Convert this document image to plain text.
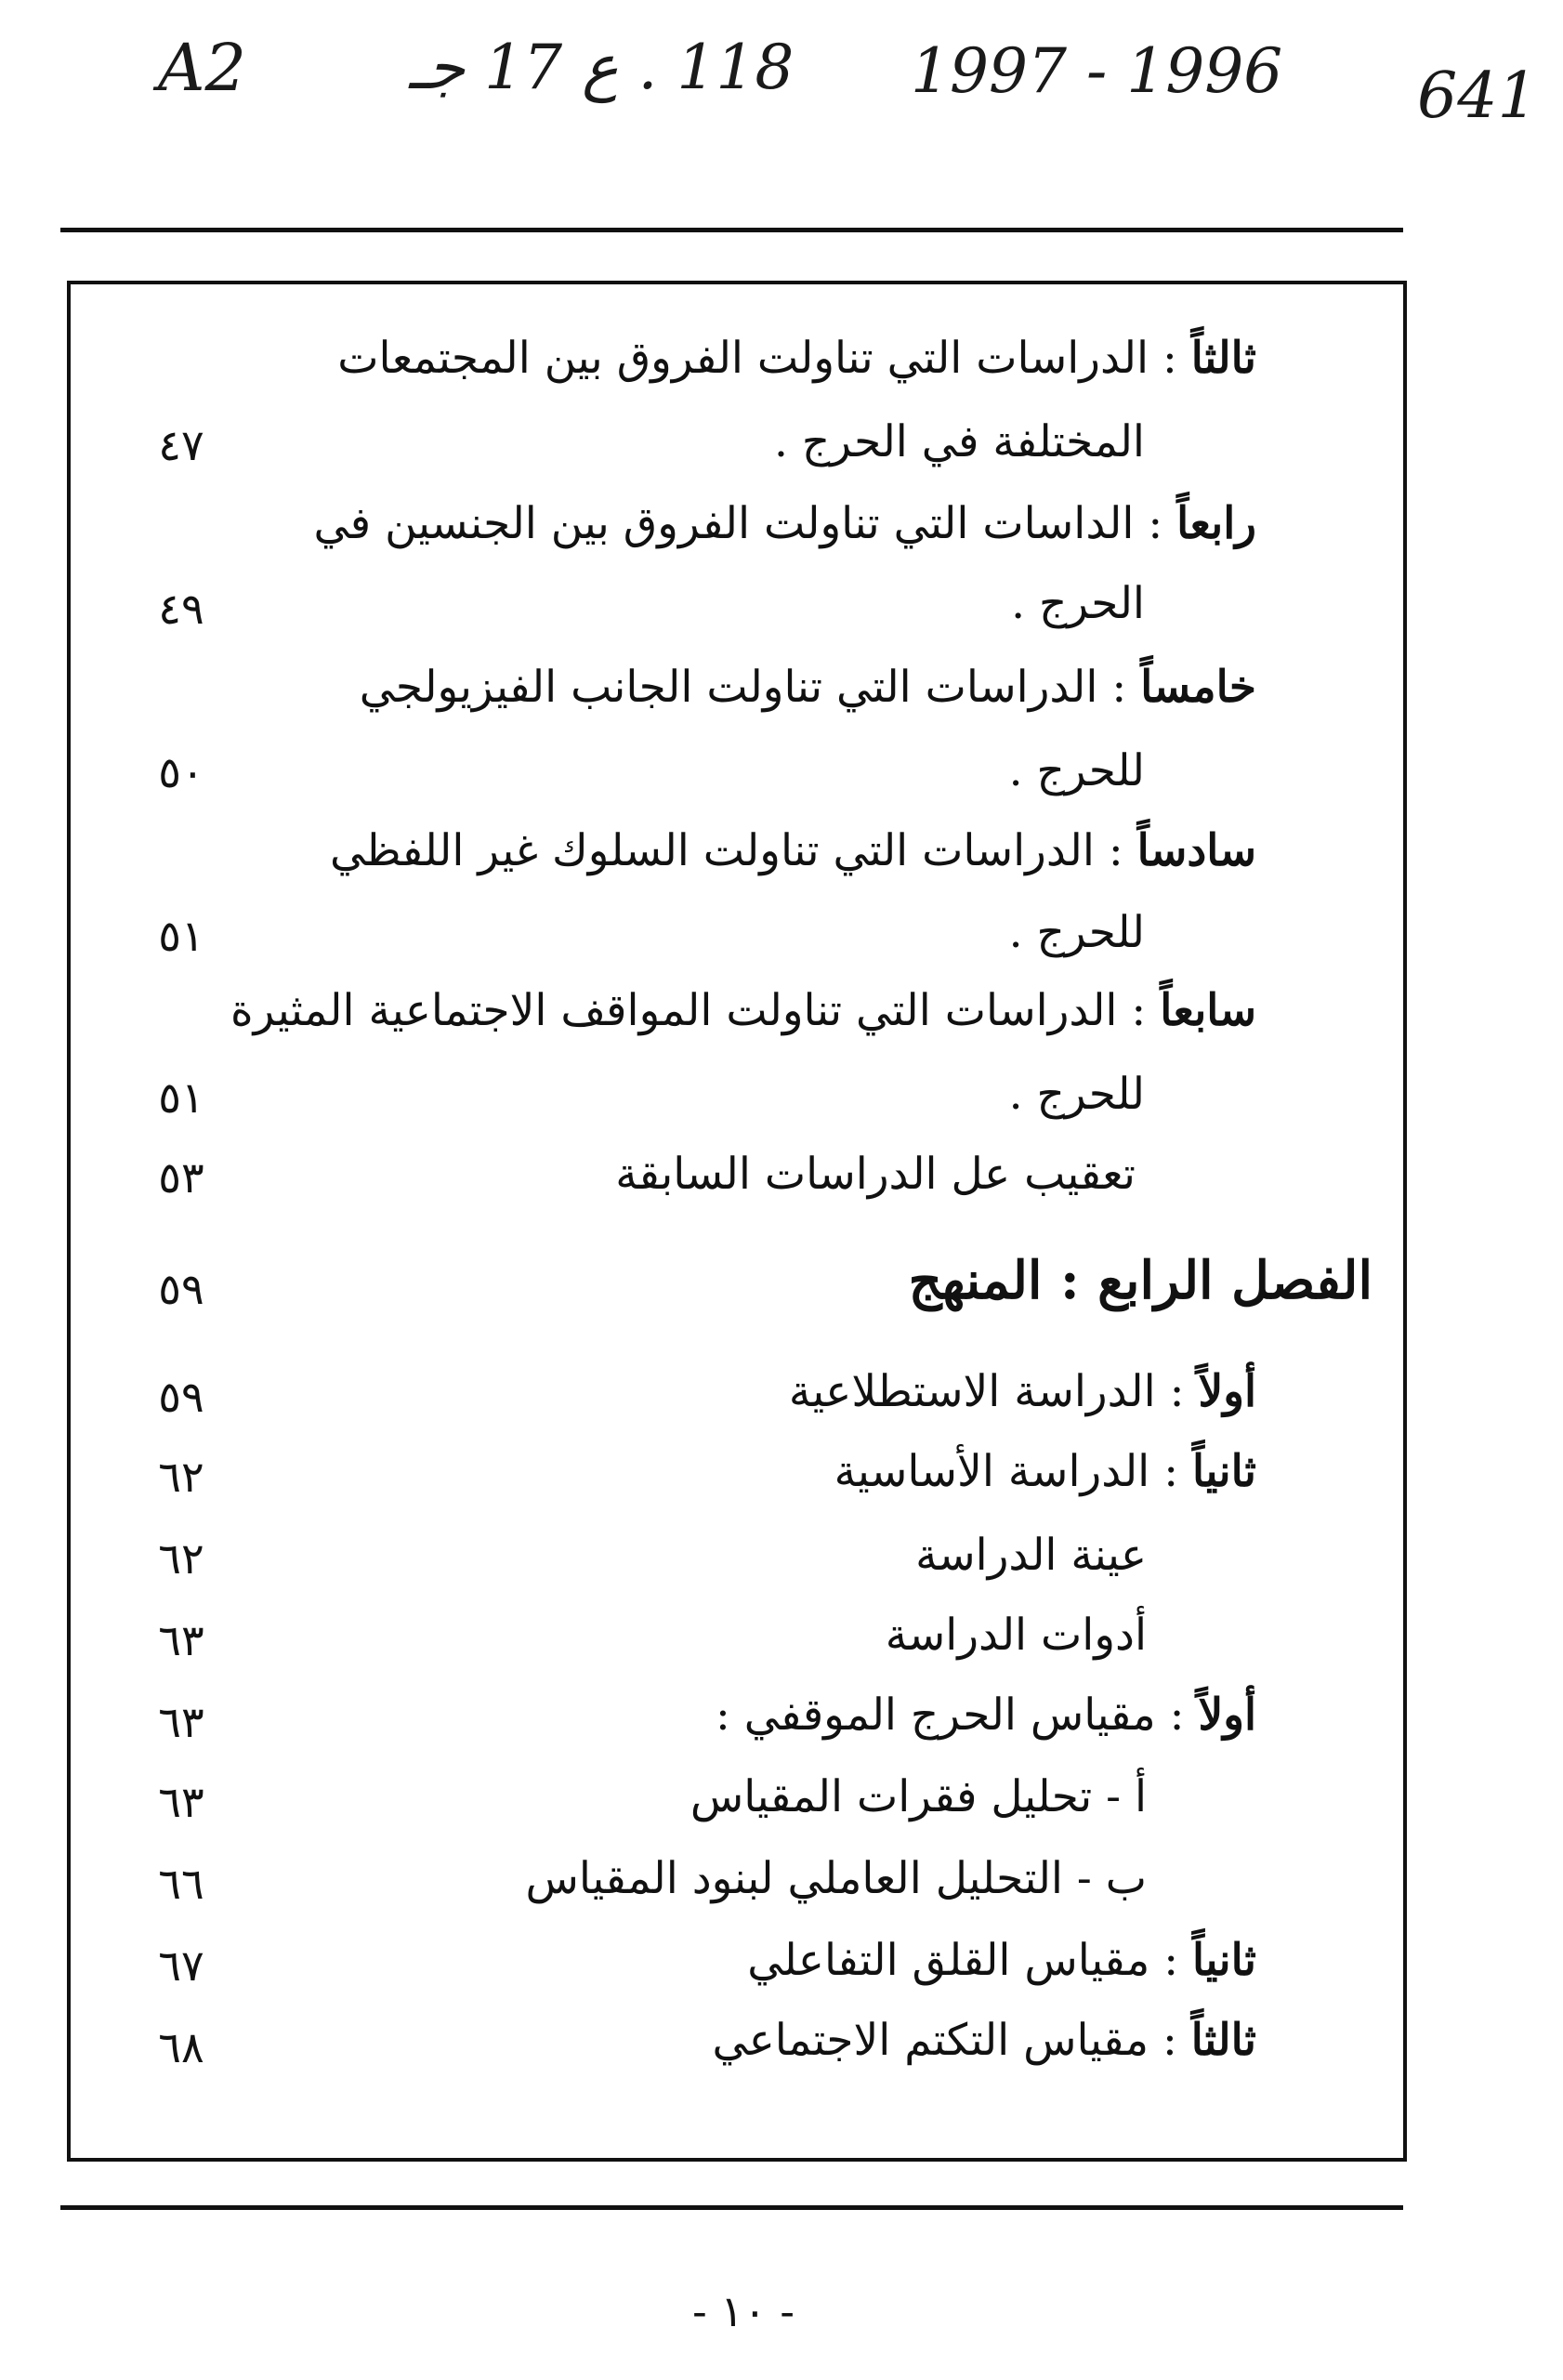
A2	118 . ع 17 جـ 1997 - 1996 641
ثالثاً : الدراسات التي تناولت الفروق بين المجتمعات
المختلفة في الحرج .
٤٧
رابعاً : الداسات التي تناولت الفروق بين الجنسين في
الحرج .
٤٩
خامساً : الدراسات التي تناولت الجانب الفيزيولجي
للحرج .
٥٠
سادساً : الدراسات التي تناولت السلوك غير اللفظي
للحرج .
٥١
سابعاً : الدراسات التي تناولت المواقف الاجتماعية المثيرة
للحرج .
٥١
تعقيب عل الدراسات السابقة
٥٣
الفصل الرابع : المنهج
٥٩
أولاً : الدراسة الاستطلاعية
٥٩
ثانياً : الدراسة الأساسية
٦٢
عينة الدراسة
٦٢
أدوات الدراسة
٦٣
أولاً : مقياس الحرج الموقفي :
٦٣
أ - تحليل فقرات المقياس
٦٣
ب - التحليل العاملي لبنود المقياس
٦٦
ثانياً : مقياس القلق التفاعلي
٦٧
ثالثاً : مقياس التكتم الاجتماعي
٦٨
- ١٠ -
